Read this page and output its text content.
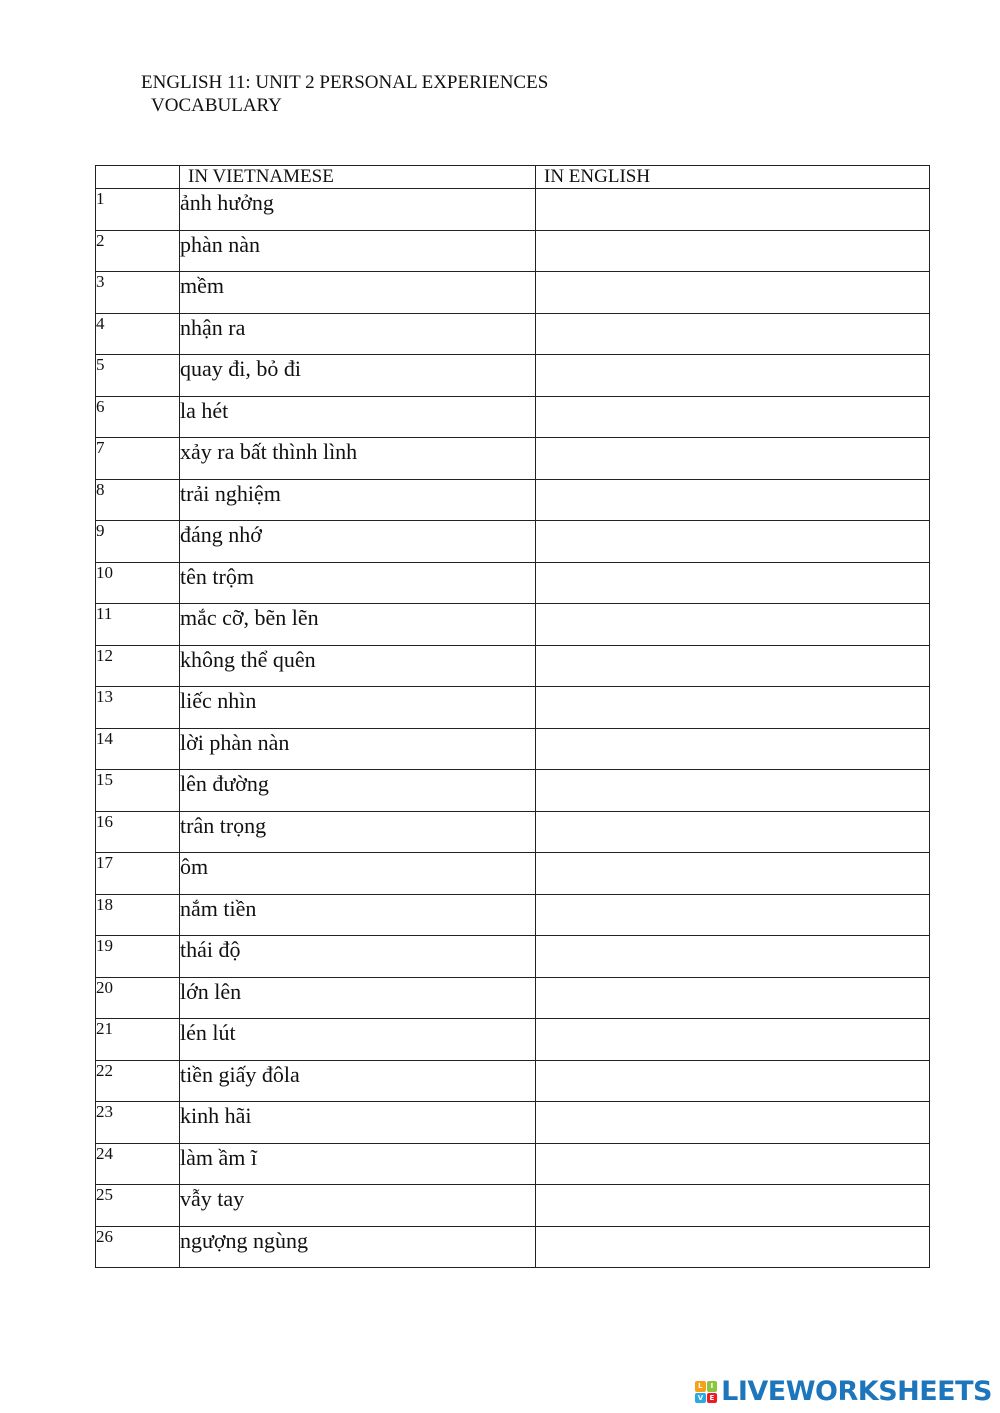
ENGLISH 11: UNIT 2 PERSONAL EXPERIENCES
VOCABULARY
	IN VIETNAMESE	IN ENGLISH
1	ảnh hưởng	
2	phàn nàn	
3	mềm	
4	nhận ra	
5	quay đi, bỏ đi	
6	la hét	
7	xảy ra bất thình lình	
8	trải nghiệm	
9	đáng nhớ	
10	tên trộm	
11	mắc cỡ, bẽn lẽn	
12	không thể quên	
13	liếc nhìn	
14	lời phàn nàn	
15	lên đường	
16	trân trọng	
17	ôm	
18	nắm tiền	
19	thái độ	
20	lớn lên	
21	lén lút	
22	tiền giấy đôla	
23	kinh hãi	
24	làm ầm ĩ	
25	vẫy tay	
26	ngượng ngùng	
L	I
V E LIVEWORKSHEETS
